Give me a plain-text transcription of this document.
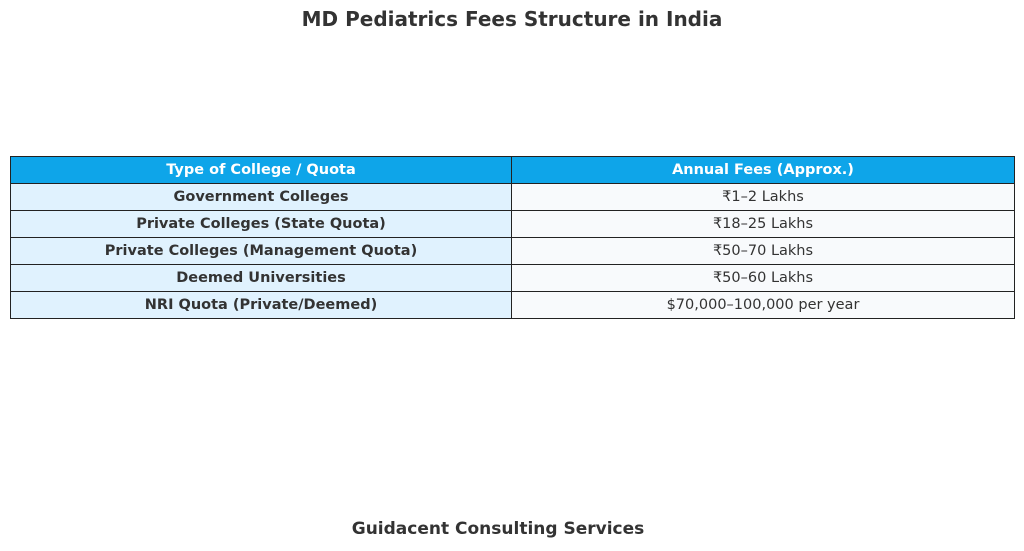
MD Pediatrics Fees Structure in India
Type of College / Quota	Annual Fees (Approx.)
Government Colleges	₹1–2 Lakhs
Private Colleges (State Quota)	₹18–25 Lakhs
Private Colleges (Management Quota)	₹50–70 Lakhs
Deemed Universities	₹50–60 Lakhs
NRI Quota (Private/Deemed)	$70,000–100,000 per year
Guidacent Consulting Services
